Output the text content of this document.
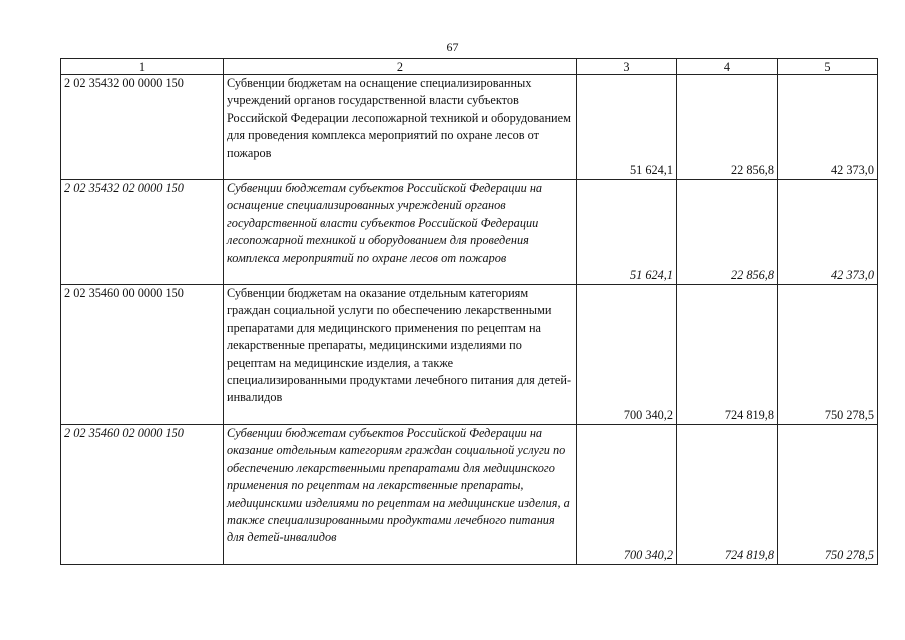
67
1	2	3	4	5
2 02 35432 00 0000 150	Субвенции бюджетам на оснащение специализированных учреждений органов государственной власти субъектов Российской Федерации лесопожарной техникой и оборудованием для проведения комплекса мероприятий по охране лесов от пожаров	51 624,1	22 856,8	42 373,0
2 02 35432 02 0000 150	Субвенции бюджетам субъектов Российской Федерации на оснащение специализированных учреждений органов государственной власти субъектов Российской Федерации лесопожарной техникой и оборудованием для проведения комплекса мероприятий по охране лесов от пожаров	51 624,1	22 856,8	42 373,0
2 02 35460 00 0000 150	Субвенции бюджетам на оказание отдельным категориям граждан социальной услуги по обеспечению лекарственными препаратами для медицинского применения по рецептам на лекарственные препараты, медицинскими изделиями по рецептам на медицинские изделия, а также специализированными продуктами лечебного питания для детей-инвалидов	700 340,2	724 819,8	750 278,5
2 02 35460 02 0000 150	Субвенции бюджетам субъектов Российской Федерации на оказание отдельным категориям граждан социальной услуги по обеспечению лекарственными препаратами для медицинского применения по рецептам на лекарственные препараты, медицинскими изделиями по рецептам на медицинские изделия, а также специализированными продуктами лечебного питания для детей-инвалидов	700 340,2	724 819,8	750 278,5
